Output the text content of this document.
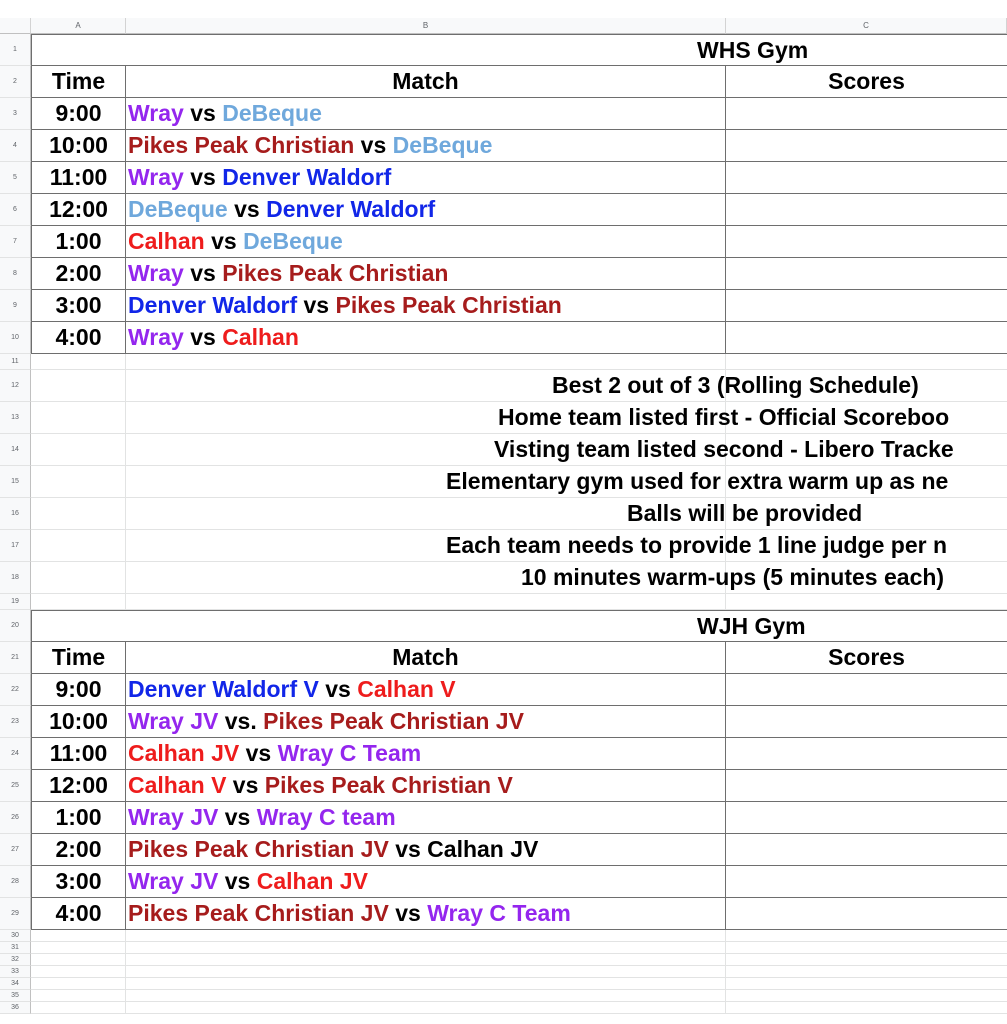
A	B	C
1
2
3
4
5
6
7
8
9
10
11
12
13
14
15
16
17
18
19
20
21
22
23
24
25
26
27
28
29
30
31
32
33
34
35
36
WHS Gym
Time	Match	Scores
9:00	Wray vs DeBeque
10:00 Pikes Peak Christian vs DeBeque
11:00 Wray vs Denver Waldorf
12:00 DeBeque vs Denver Waldorf
1:00	Calhan vs DeBeque
2:00	Wray vs Pikes Peak Christian
3:00	Denver Waldorf vs Pikes Peak Christian
4:00	Wray vs Calhan
WJH Gym
Time	Match	Scores
9:00	Denver Waldorf V vs Calhan V
10:00 Wray JV vs. Pikes Peak Christian JV
11:00 Calhan JV vs Wray C Team
12:00 Calhan V vs Pikes Peak Christian V
1:00	Wray JV vs Wray C team
2:00	Pikes Peak Christian JV vs Calhan JV
3:00	Wray JV vs Calhan JV
4:00	Pikes Peak Christian JV vs Wray C Team
Best 2 out of 3 (Rolling Schedule)
Home team listed first - Official Scoreboo
Visting team listed second - Libero Tracke
Elementary gym used for extra warm up as ne
Balls will be provided
Each team needs to provide 1 line judge per n
10 minutes warm-ups (5 minutes each)
